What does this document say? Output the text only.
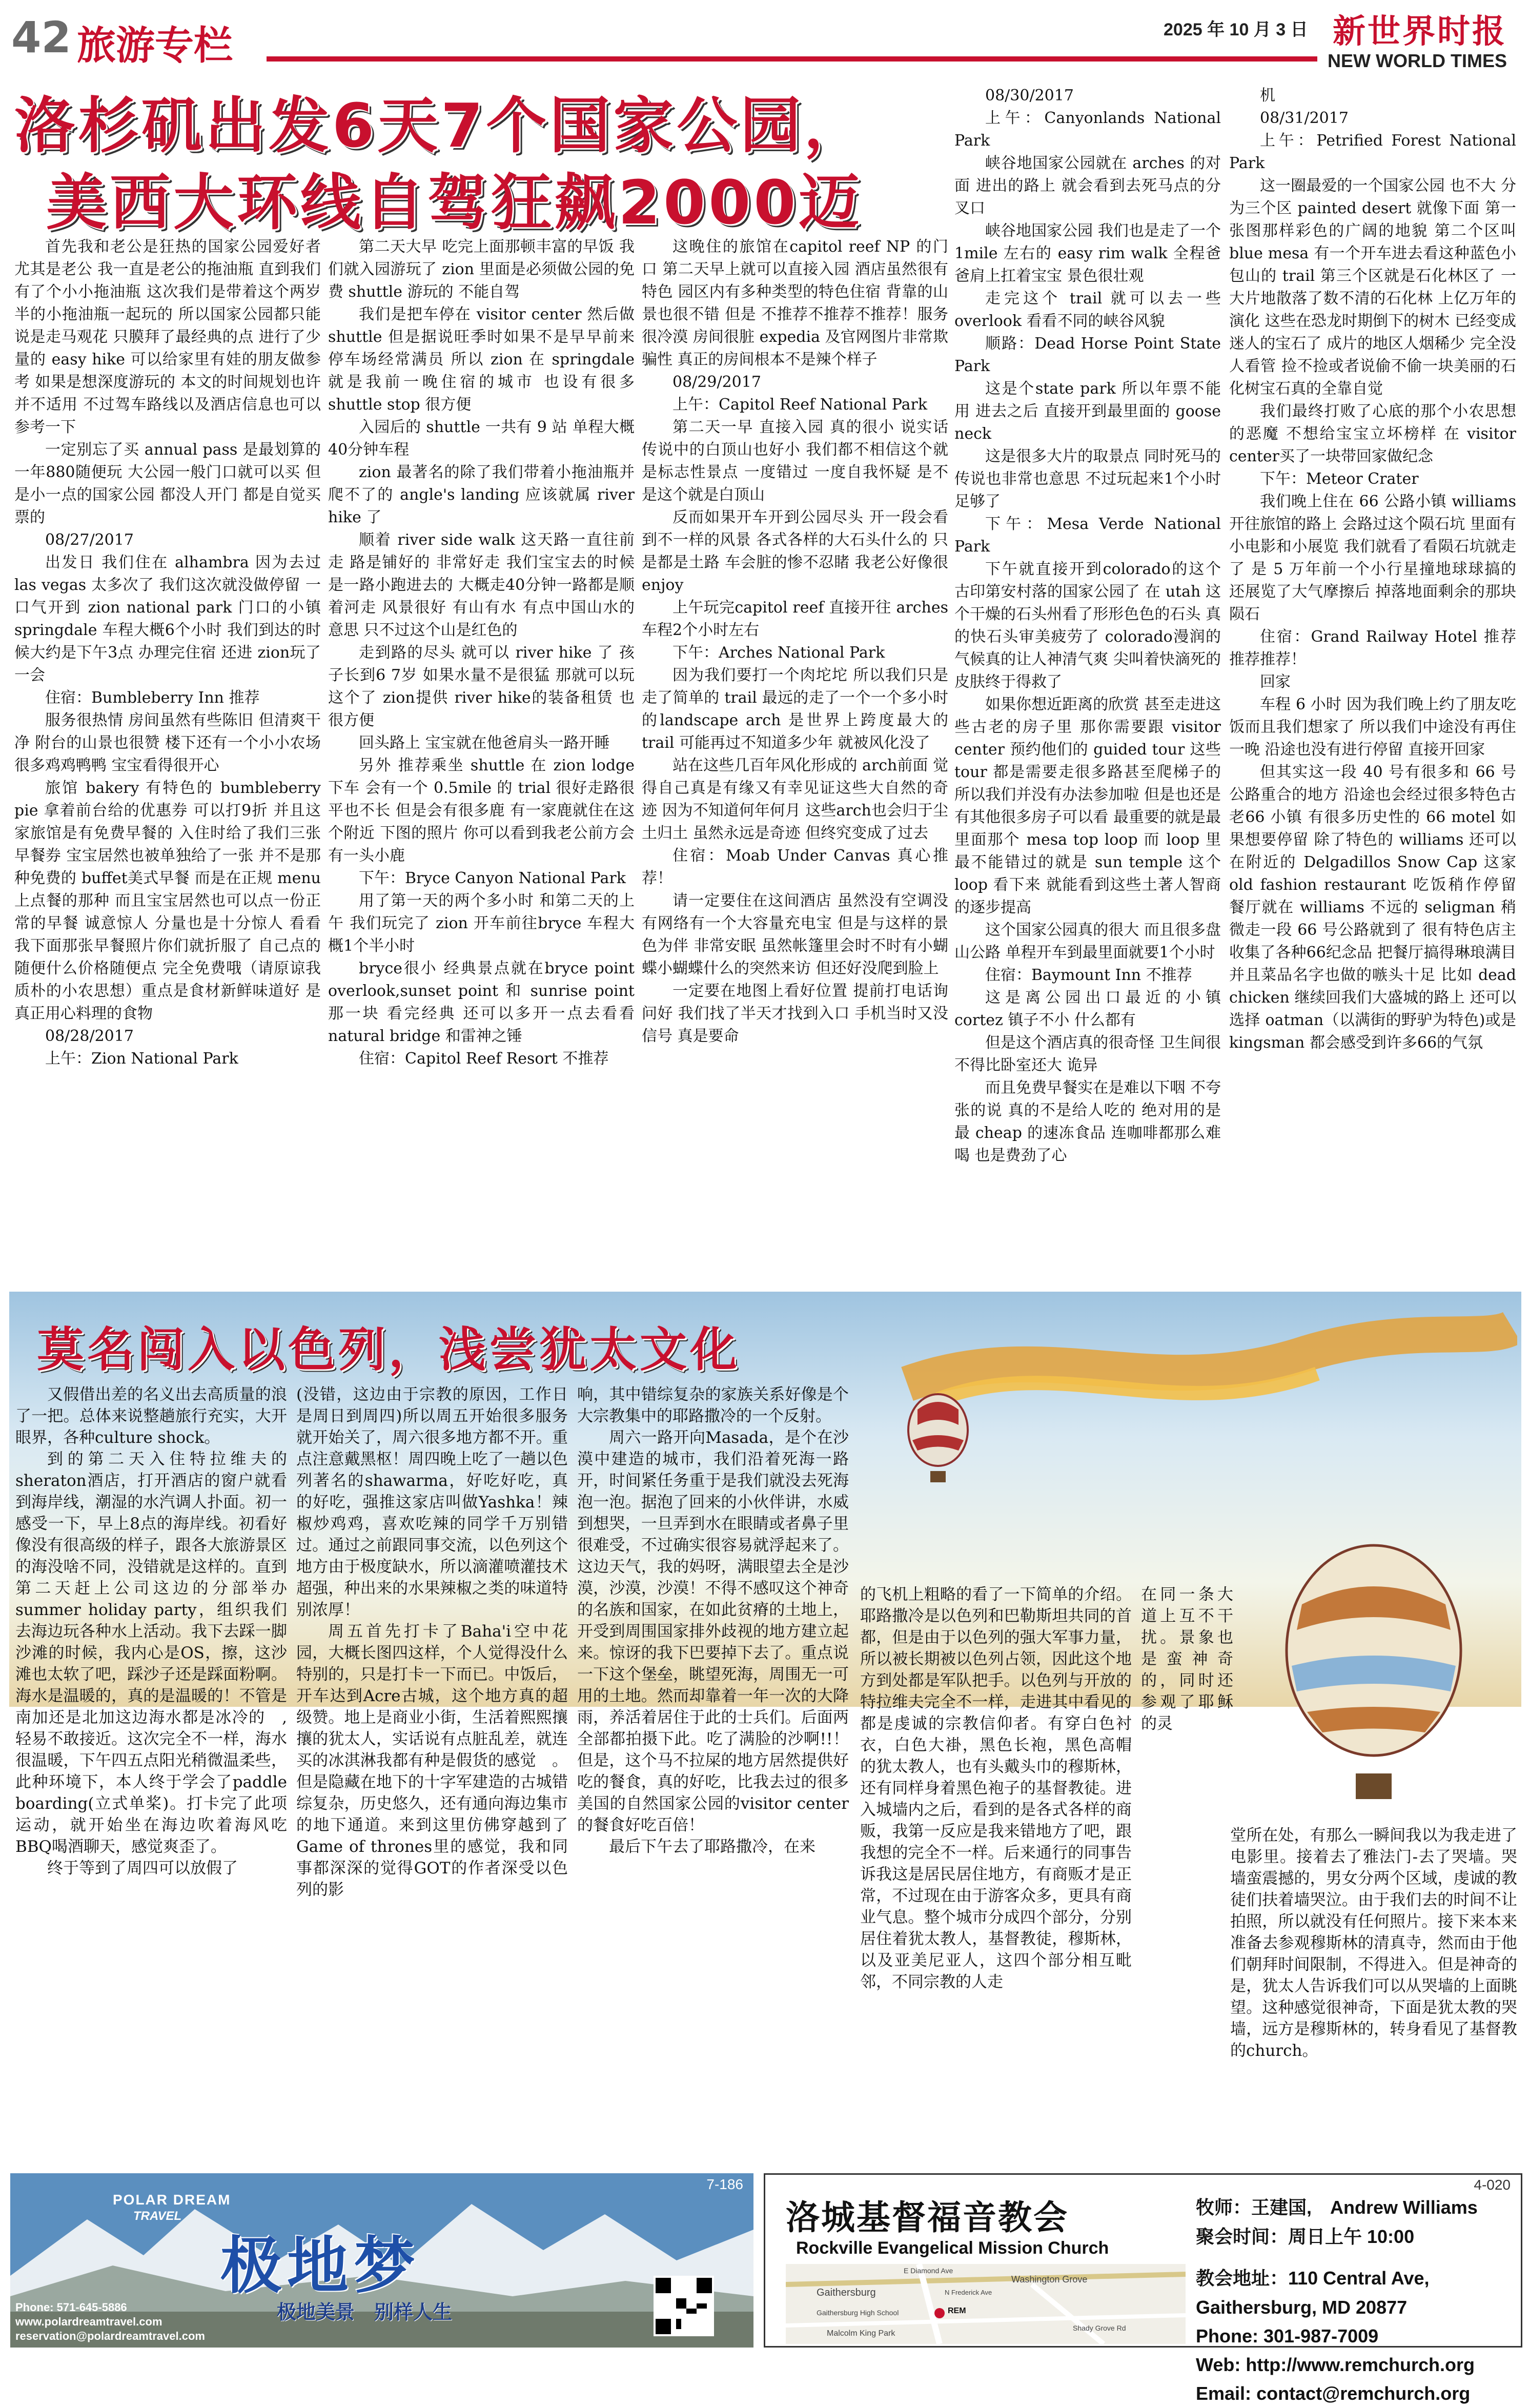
42 旅游专栏	2025 年 10 月 3 日 新世界时报
NEW WORLD TIMES
洛杉矶出发6天7个国家公园，
美西大环线自驾狂飙2000迈

首先我和老公是狂热的国家公园爱好者 尤其是老公 我一直是老公的拖油瓶 直到我们有了个小小拖油瓶 这次我们是带着这个两岁半的小拖油瓶一起玩的 所以国家公园都只能说是走马观花 只膜拜了最经典的点 进行了少量的 easy hike 可以给家里有娃的朋友做参考 如果是想深度游玩的 本文的时间规划也许并不适用 不过驾车路线以及酒店信息也可以参考一下

一定别忘了买 annual pass 是最划算的 一年880随便玩 大公园一般门口就可以买 但是小一点的国家公园 都没人开门 都是自觉买票的

08/27/2017

出发日 我们住在 alhambra 因为去过 las vegas 太多次了 我们这次就没做停留 一口气开到 zion national park 门口的小镇 springdale 车程大概6个小时 我们到达的时候大约是下午3点 办理完住宿 还进 zion玩了一会

住宿：Bumbleberry Inn 推荐

服务很热情 房间虽然有些陈旧 但清爽干净 附台的山景也很赞 楼下还有一个小小农场 很多鸡鸡鸭鸭 宝宝看得很开心

旅馆 bakery 有特色的 bumbleberry pie 拿着前台给的优惠券 可以打9折 并且这家旅馆是有免费早餐的 入住时给了我们三张早餐券 宝宝居然也被单独给了一张 并不是那种免费的 buffet美式早餐 而是在正规 menu 上点餐的那种 而且宝宝居然也可以点一份正常的早餐 诚意惊人 分量也是十分惊人 看看我下面那张早餐照片你们就折服了 自己点的 随便什么价格随便点 完全免费哦（请原谅我质朴的小农思想）重点是食材新鲜味道好 是真正用心料理的食物

08/28/2017

上午：Zion National Park

第二天大早 吃完上面那顿丰富的早饭 我们就入园游玩了 zion 里面是必须做公园的免费 shuttle 游玩的 不能自驾

我们是把车停在 visitor center 然后做 shuttle 但是据说旺季时如果不是早早前来 停车场经常满员 所以 zion 在 springdale 就是我前一晚住宿的城市 也设有很多 shuttle stop 很方便

入园后的 shuttle 一共有 9 站 单程大概40分钟车程

zion 最著名的除了我们带着小拖油瓶并爬不了的 angle's landing 应该就属 river hike 了

顺着 river side walk 这天路一直往前走 路是铺好的 非常好走 我们宝宝去的时候是一路小跑进去的 大概走40分钟一路都是顺着河走 风景很好 有山有水 有点中国山水的意思 只不过这个山是红色的

走到路的尽头 就可以 river hike 了 孩子长到6 7岁 如果水量不是很猛 那就可以玩这个了 zion提供 river hike的装备租赁 也很方便

回头路上 宝宝就在他爸肩头一路开睡

另外 推荐乘坐 shuttle 在 zion lodge 下车 会有一个 0.5mile 的 trial 很好走路很平也不长 但是会有很多鹿 有一家鹿就住在这个附近 下图的照片 你可以看到我老公前方会有一头小鹿

下午：Bryce Canyon National Park

用了第一天的两个多小时 和第二天的上午 我们玩完了 zion 开车前往bryce 车程大概1个半小时

bryce很小 经典景点就在bryce point overlook,sunset point 和 sunrise point 那一块 看完经典 还可以多开一点去看看 natural bridge 和雷神之锤

住宿：Capitol Reef Resort 不推荐

这晚住的旅馆在capitol reef NP 的门口 第二天早上就可以直接入园 酒店虽然很有特色 园区内有多种类型的特色住宿 背靠的山景也很不错 但是 不推荐不推荐不推荐！服务很冷漠 房间很脏 expedia 及官网图片非常欺骗性 真正的房间根本不是辣个样子

08/29/2017

上午：Capitol Reef National Park

第二天一早 直接入园 真的很小 说实话 传说中的白顶山也好小 我们都不相信这个就是标志性景点 一度错过 一度自我怀疑 是不是这个就是白顶山

反而如果开车开到公园尽头 开一段会看到不一样的风景 各式各样的大石头什么的 只是都是土路 车会脏的惨不忍睹 我老公好像很enjoy

上午玩完capitol reef 直接开往 arches 车程2个小时左右

下午：Arches National Park

因为我们要打一个肉坨坨 所以我们只是走了简单的 trail 最远的走了一个一个多小时的landscape arch 是世界上跨度最大的 trail 可能再过不知道多少年 就被风化没了

站在这些几百年风化形成的 arch前面 觉得自己真是有缘又有幸见证这些大自然的奇迹 因为不知道何年何月 这些arch也会归于尘土归土 虽然永远是奇迹 但终究变成了过去

住宿：Moab Under Canvas 真心推荐！

请一定要住在这间酒店 虽然没有空调没有网络有一个大容量充电宝 但是与这样的景色为伴 非常安眠 虽然帐篷里会时不时有小蝴蝶小蝴蝶什么的突然来访 但还好没爬到脸上

一定要在地图上看好位置 提前打电话询问好 我们找了半天才找到入口 手机当时又没信号 真是要命

08/30/2017

上午：Canyonlands National Park

峡谷地国家公园就在 arches 的对面 进出的路上 就会看到去死马点的分叉口

峡谷地国家公园 我们也是走了一个 1mile 左右的 easy rim walk 全程爸爸肩上扛着宝宝 景色很壮观

走完这个 trail 就可以去一些 overlook 看看不同的峡谷风貌

顺路：Dead Horse Point State Park

这是个state park 所以年票不能用 进去之后 直接开到最里面的 goose neck

这是很多大片的取景点 同时死马的传说也非常也意思 不过玩起来1个小时足够了

下午：Mesa Verde National Park

下午就直接开到colorado的这个 古印第安村落的国家公园了 在 utah 这个干燥的石头州看了形形色色的石头 真的快石头审美疲劳了 colorado漫润的气候真的让人神清气爽 尖叫着快滴死的皮肤终于得救了

如果你想近距离的欣赏 甚至走进这些古老的房子里 那你需要跟 visitor center 预约他们的 guided tour 这些 tour 都是需要走很多路甚至爬梯子的 所以我们并没有办法参加啦 但是也还是有其他很多房子可以看 最重要的就是最里面那个 mesa top loop 而 loop 里最不能错过的就是 sun temple 这个 loop 看下来 就能看到这些土著人智商的逐步提高

这个国家公园真的很大 而且很多盘山公路 单程开车到最里面就要1个小时

住宿：Baymount Inn 不推荐

这是离公园出口最近的小镇 cortez 镇子不小 什么都有

但是这个酒店真的很奇怪 卫生间很不得比卧室还大 诡异

而且免费早餐实在是难以下咽 不夸张的说 真的不是给人吃的 绝对用的是最 cheap 的速冻食品 连咖啡都那么难喝 也是费劲了心

机

08/31/2017

上午：Petrified Forest National Park

这一圈最爱的一个国家公园 也不大 分为三个区 painted desert 就像下面 第一张图那样彩色的广阔的地貌 第二个区叫 blue mesa 有一个开车进去看这种蓝色小包山的 trail 第三个区就是石化林区了 一大片地散落了数不清的石化林 上亿万年的演化 这些在恐龙时期倒下的树木 已经变成迷人的宝石了 成片的地区人烟稀少 完全没人看管 捡不捡或者说偷不偷一块美丽的石化树宝石真的全靠自觉

我们最终打败了心底的那个小农思想的恶魔 不想给宝宝立坏榜样 在 visitor center买了一块带回家做纪念

下午：Meteor Crater

我们晚上住在 66 公路小镇 williams 开往旅馆的路上 会路过这个陨石坑 里面有小电影和小展览 我们就看了看陨石坑就走了 是 5 万年前一个小行星撞地球球搞的 还展览了大气摩擦后 掉落地面剩余的那块陨石

住宿：Grand Railway Hotel 推荐推荐推荐！

回家

车程 6 小时 因为我们晚上约了朋友吃饭而且我们想家了 所以我们中途没有再住一晚 沿途也没有进行停留 直接开回家

但其实这一段 40 号有很多和 66 号公路重合的地方 沿途也会经过很多特色古老66 小镇 有很多历史性的 66 motel 如果想要停留 除了特色的 williams 还可以在附近的 Delgadillos Snow Cap 这家 old fashion restaurant 吃饭稍作停留 餐厅就在 williams 不远的 seligman 稍微走一段 66 号公路就到了 很有特色店主收集了各种66纪念品 把餐厅搞得琳琅满目 并且菜品名字也做的嗾头十足 比如 dead chicken 继续回我们大盛城的路上 还可以选择 oatman（以满街的野驴为特色)或是kingsman 都会感受到许多66的气氛

莫名闯入以色列，浅尝犹太文化

又假借出差的名义出去高质量的浪了一把。总体来说整趟旅行充实，大开眼界，各种culture shock。

到的第二天入住特拉维夫的sheraton酒店，打开酒店的窗户就看到海岸线，潮湿的水汽调人扑面。初一感受一下，早上8点的海岸线。初看好像没有很高级的样子，跟各大旅游景区的海没啥不同，没错就是这样的。直到第二天赶上公司这边的分部举办summer holiday party，组织我们去海边玩各种水上活动。我下去踩一脚沙滩的时候，我内心是OS，擦，这沙滩也太软了吧，踩沙子还是踩面粉啊。海水是温暖的，真的是温暖的！不管是南加还是北加这边海水都是冰冷的　,轻易不敢接近。这次完全不一样，海水很温暖，下午四五点阳光稍微温柔些，此种环境下，本人终于学会了paddle boarding(立式单桨)。打卡完了此项运动，就开始坐在海边吹着海风吃BBQ喝酒聊天，感觉爽歪了。

终于等到了周四可以放假了

(没错，这边由于宗教的原因，工作日是周日到周四)所以周五开始很多服务就开始关了，周六很多地方都不开。重点注意戴黑枢！周四晚上吃了一趟以色列著名的shawarma，好吃好吃，真的好吃，强推这家店叫做Yashka！辣椒炒鸡鸡，喜欢吃辣的同学千万别错过。通过之前跟同事交流，以色列这个地方由于极度缺水，所以滴灌喷灌技术超强，种出来的水果辣椒之类的味道特别浓厚！

周五首先打卡了Baha'i空中花园，大概长图四这样，个人觉得没什么特别的，只是打卡一下而已。中饭后，开车达到Acre古城，这个地方真的超级赞。地上是商业小街，生活着熙熙攘攘的犹太人，实话说有点脏乱差，就连买的冰淇淋我都有种是假货的感觉　。但是隐藏在地下的十字军建造的古城错综复杂，历史悠久，还有通向海边集市的地下通道。来到这里仿佛穿越到了Game of thrones里的感觉，我和同事都深深的觉得GOT的作者深受以色列的影

响，其中错综复杂的家族关系好像是个大宗教集中的耶路撒冷的一个反射。

周六一路开向Masada，是个在沙漠中建造的城市，我们沿着死海一路开，时间紧任务重于是我们就没去死海泡一泡。据泡了回来的小伙伴讲，水威到想哭，一旦弄到水在眼睛或者鼻子里很难受，不过确实很容易就浮起来了。这边天气，我的妈呀，满眼望去全是沙漠，沙漠，沙漠！不得不感叹这个神奇的名族和国家，在如此贫瘠的土地上，开受到周围国家排外歧视的地方建立起来。惊讶的我下巴要掉下去了。重点说一下这个堡垒，眺望死海，周围无一可用的土地。然而却靠着一年一次的大降雨，养活着居住于此的士兵们。后面两全部都拍摄下此。吃了满脸的沙啊!!！但是，这个马不拉屎的地方居然提供好吃的餐食，真的好吃，比我去过的很多美国的自然国家公园的visitor center的餐食好吃百倍！

最后下午去了耶路撒冷，在来

的飞机上粗略的看了一下简单的介绍。耶路撒冷是以色列和巴勒斯坦共同的首都，但是由于以色列的强大军事力量，所以被长期被以色列占领，因此这个地方到处都是军队把手。以色列与开放的特拉维夫完全不一样，走进其中看见的都是虔诚的宗教信仰者。有穿白色衬衣，白色大褂，黑色长袍，黑色高帽 的犹太教人，也有头戴头巾的穆斯林，还有同样身着黑色袍子的基督教徒。进入城墙内之后，看到的是各式各样的商贩，我第一反应是我来错地方了吧，跟我想的完全不一样。后来通行的同事告诉我这是居民居住地方，有商贩才是正常，不过现在由于游客众多，更具有商业气息。整个城市分成四个部分，分别居住着犹太教人，基督教徒，穆斯林，以及亚美尼亚人，这四个部分相互毗邻，不同宗教的人走

在同一条大道上互不干扰。景象也是蛮神奇的，同时还参观了耶稣的灵

堂所在处，有那么一瞬间我以为我走进了电影里。接着去了雅法门-去了哭墙。哭墙蛮震撼的，男女分两个区域，虔诚的教徒们扶着墙哭泣。由于我们去的时间不让拍照，所以就没有任何照片。接下来本来准备去参观穆斯林的清真寺，然而由于他们朝拜时间限制，不得进入。但是神奇的是，犹太人告诉我们可以从哭墙的上面眺望。这种感觉很神奇，下面是犹太教的哭墙，远方是穆斯林的，转身看见了基督教的church。

7-186
POLAR DREAM
TRAVEL
极地梦
极地美景　别样人生
Phone: 571-645-5886
www.polardreamtravel.com
reservation@polardreamtravel.com
4-020
洛城基督福音教会
Rockville Evangelical Mission Church
Gaithersburg
Washington Grove
Gaithersburg High School	REM
Malcolm King Park
E Diamond Ave
N Frederick Ave
Shady Grove Rd
牧师：王建国,　Andrew Williams
聚会时间：周日上午 10:00
教会地址：110 Central Ave,
Gaithersburg, MD 20877
Phone: 301-987-7009
Web: http://www.remchurch.org
Email: contact@remchurch.org
